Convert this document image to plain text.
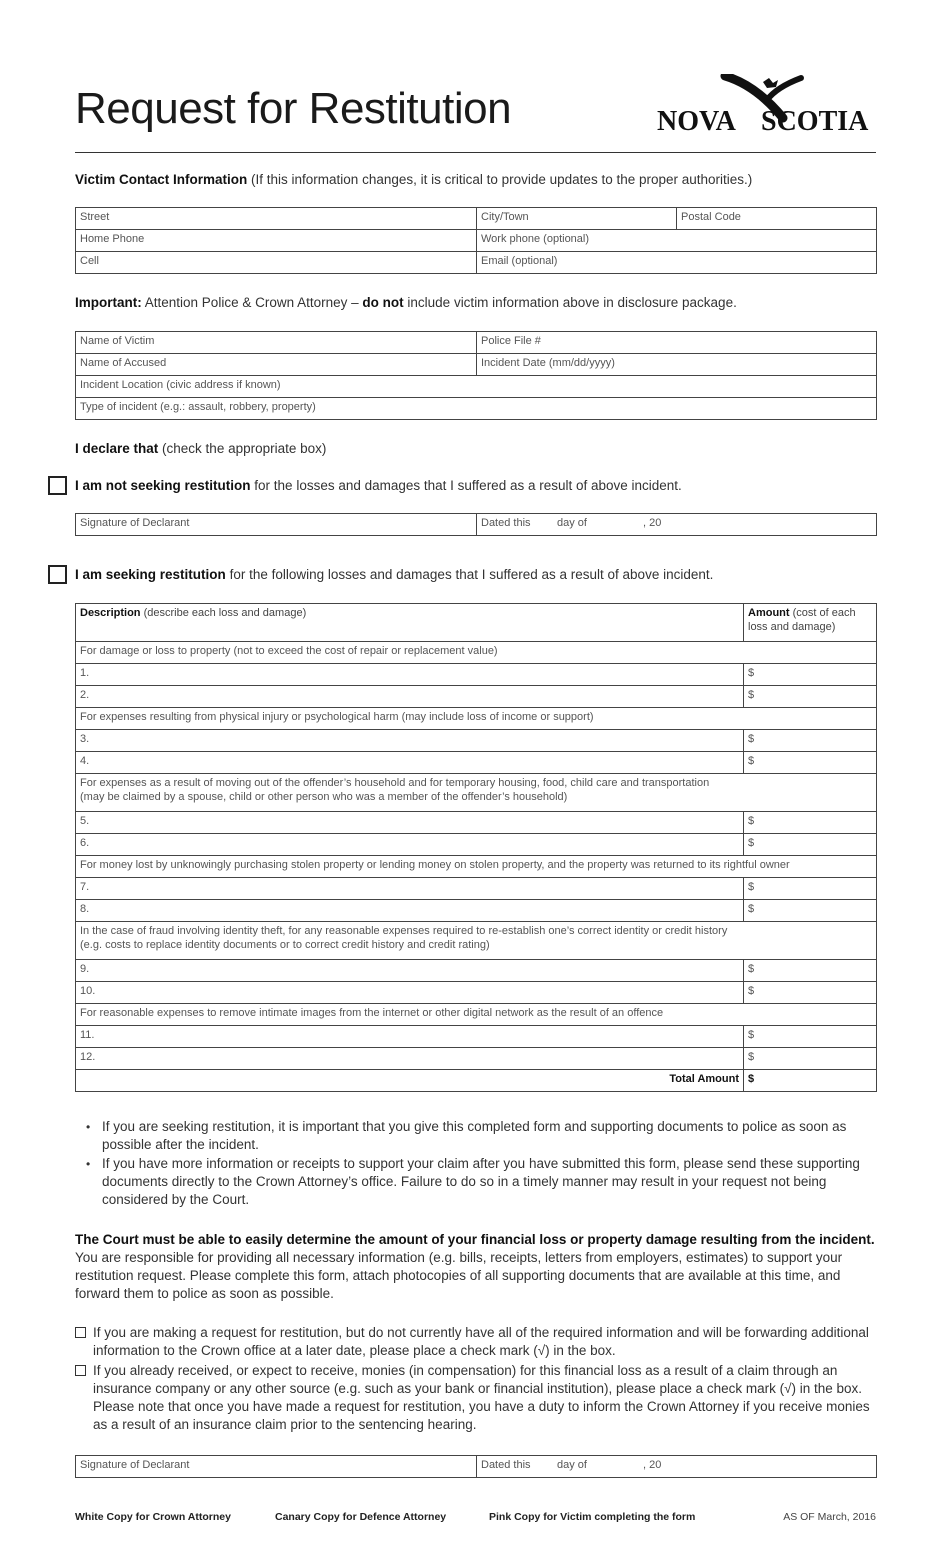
Request for Restitution	NOVA SCOTIA
Victim Contact Information (If this information changes, it is critical to provide updates to the proper authorities.)
Street	City/Town	Postal Code
Home Phone	Work phone (optional)	
Cell	Email (optional)	
Important: Attention Police & Crown Attorney – do not include victim information above in disclosure package.
Name of Victim	Police File #
Name of Accused	Incident Date (mm/dd/yyyy)
Incident Location (civic address if known)	
Type of incident (e.g.: assault, robbery, property)	
I declare that (check the appropriate box)
I am not seeking restitution for the losses and damages that I suffered as a result of above incident.
Signature of Declarant	Dated this day of	, 20
I am seeking restitution for the following losses and damages that I suffered as a result of above incident.
Description (describe each loss and damage)	Amount (cost of each loss and damage)

For damage or loss to property (not to exceed the cost of repair or replacement value)	

1.	$
2.	$

For expenses resulting from physical injury or psychological harm (may include loss of income or support)	

3.	$
4.	$

For expenses as a result of moving out of the offender’s household and for temporary housing, food, child care and transportation
(may be claimed by a spouse, child or other person who was a member of the offender’s household)	

5.	$
6.	$

For money lost by unknowingly purchasing stolen property or lending money on stolen property, and the property was returned to its rightful owner	

7.	$
8.	$

In the case of fraud involving identity theft, for any reasonable expenses required to re-establish one’s correct identity or credit history
(e.g. costs to replace identity documents or to correct credit history and credit rating)	

9.	$
10.	$

For reasonable expenses to remove intimate images from the internet or other digital network as the result of an offence	

11.	$
12.	$
Total Amount	$
• If you are seeking restitution, it is important that you give this completed form and supporting documents to police as soon as possible after the incident.
• If you have more information or receipts to support your claim after you have submitted this form, please send these supporting documents directly to the Crown Attorney’s office. Failure to do so in a timely manner may result in your request not being considered by the Court.
The Court must be able to easily determine the amount of your financial loss or property damage resulting from the incident.
You are responsible for providing all necessary information (e.g. bills, receipts, letters from employers, estimates) to support your restitution request. Please complete this form, attach photocopies of all supporting documents that are available at this time, and forward them to police as soon as possible.
If you are making a request for restitution, but do not currently have all of the required information and will be forwarding additional information to the Crown office at a later date, please place a check mark (√) in the box.
If you already received, or expect to receive, monies (in compensation) for this financial loss as a result of a claim through an insurance company or any other source (e.g. such as your bank or financial institution), please place a check mark (√) in the box. Please note that once you have made a request for restitution, you have a duty to inform the Crown Attorney if you receive monies as a result of an insurance claim prior to the sentencing hearing.
Signature of Declarant	Dated this day of	, 20
White Copy for Crown Attorney	Canary Copy for Defence Attorney	Pink Copy for Victim completing the form	AS OF March, 2016
